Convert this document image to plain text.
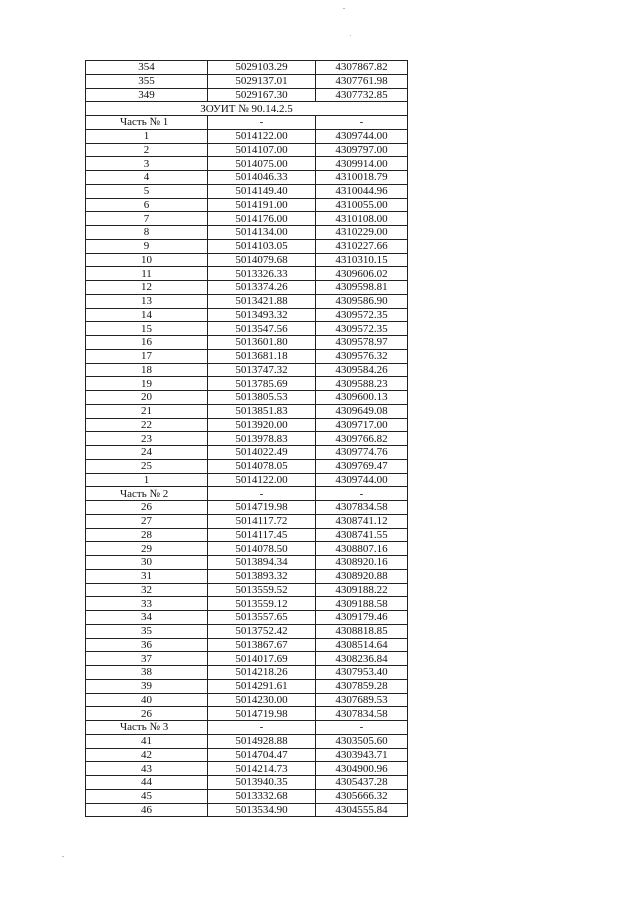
354	5029103.29	4307867.82
355	5029137.01	4307761.98
349	5029167.30	4307732.85
ЗОУИТ № 90.14.2.5		
Часть № 1	-	-
1	5014122.00	4309744.00
2	5014107.00	4309797.00
3	5014075.00	4309914.00
4	5014046.33	4310018.79
5	5014149.40	4310044.96
6	5014191.00	4310055.00
7	5014176.00	4310108.00
8	5014134.00	4310229.00
9	5014103.05	4310227.66
10	5014079.68	4310310.15
11	5013326.33	4309606.02
12	5013374.26	4309598.81
13	5013421.88	4309586.90
14	5013493.32	4309572.35
15	5013547.56	4309572.35
16	5013601.80	4309578.97
17	5013681.18	4309576.32
18	5013747.32	4309584.26
19	5013785.69	4309588.23
20	5013805.53	4309600.13
21	5013851.83	4309649.08
22	5013920.00	4309717.00
23	5013978.83	4309766.82
24	5014022.49	4309774.76
25	5014078.05	4309769.47
1	5014122.00	4309744.00
Часть № 2	-	-
26	5014719.98	4307834.58
27	5014117.72	4308741.12
28	5014117.45	4308741.55
29	5014078.50	4308807.16
30	5013894.34	4308920.16
31	5013893.32	4308920.88
32	5013559.52	4309188.22
33	5013559.12	4309188.58
34	5013557.65	4309179.46
35	5013752.42	4308818.85
36	5013867.67	4308514.64
37	5014017.69	4308236.84
38	5014218.26	4307953.40
39	5014291.61	4307859.28
40	5014230.00	4307689.53
26	5014719.98	4307834.58
Часть № 3	-	-
41	5014928.88	4303505.60
42	5014704.47	4303943.71
43	5014214.73	4304900.96
44	5013940.35	4305437.28
45	5013332.68	4305666.32
46	5013534.90	4304555.84
